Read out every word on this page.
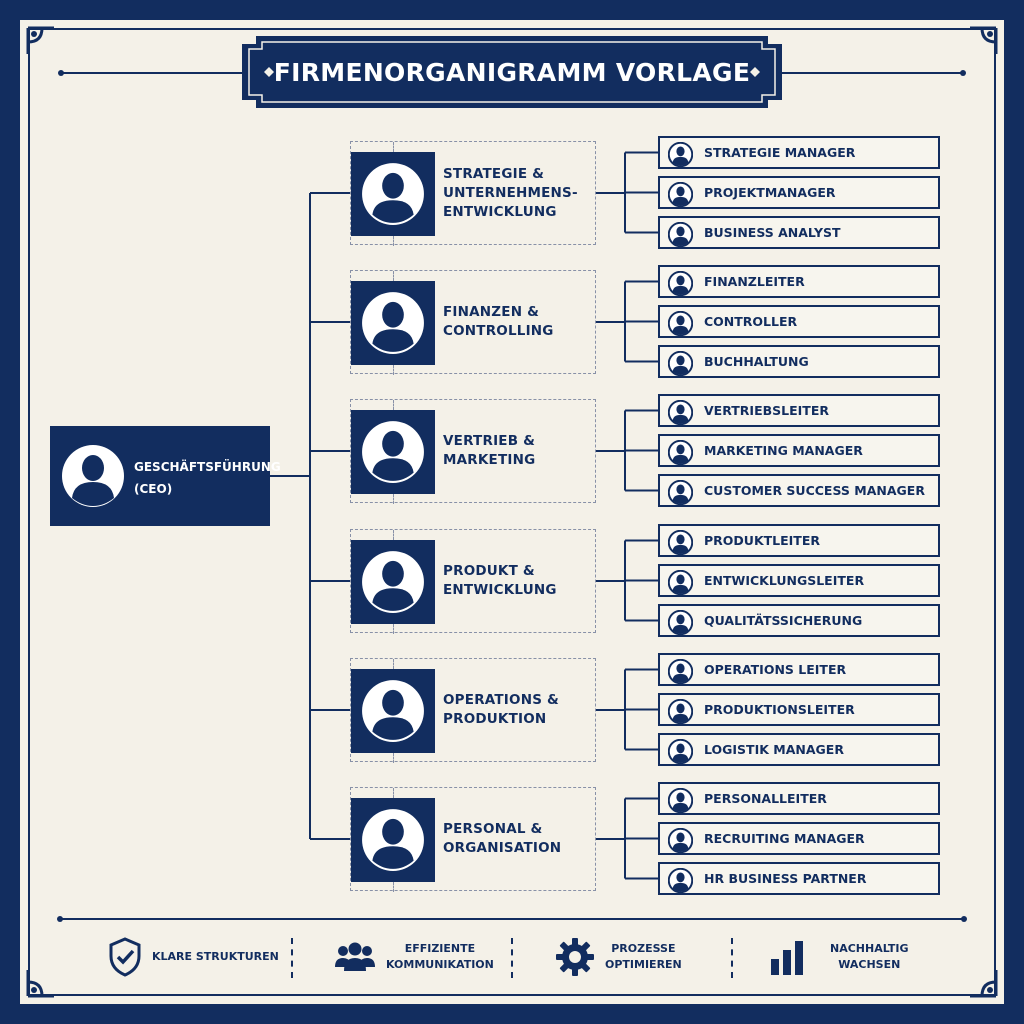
FIRMENORGANIGRAMM VORLAGE
GESCHÄFTSFÜHRUNG
(CEO)
STRATEGIE &
UNTERNEHMENS-
ENTWICKLUNG
FINANZEN &
CONTROLLING
VERTRIEB &
MARKETING
PRODUKT &
ENTWICKLUNG
OPERATIONS &
PRODUKTION
PERSONAL &
ORGANISATION
STRATEGIE MANAGER
PROJEKTMANAGER
BUSINESS ANALYST
FINANZLEITER
CONTROLLER
BUCHHALTUNG
VERTRIEBSLEITER
MARKETING MANAGER
CUSTOMER SUCCESS MANAGER
PRODUKTLEITER
ENTWICKLUNGSLEITER
QUALITÄTSSICHERUNG
OPERATIONS LEITER
PRODUKTIONSLEITER
LOGISTIK MANAGER
PERSONALLEITER
RECRUITING MANAGER
HR BUSINESS PARTNER
KLARE STRUKTUREN
EFFIZIENTE
KOMMUNIKATION
PROZESSE
OPTIMIEREN
NACHHALTIG
WACHSEN
